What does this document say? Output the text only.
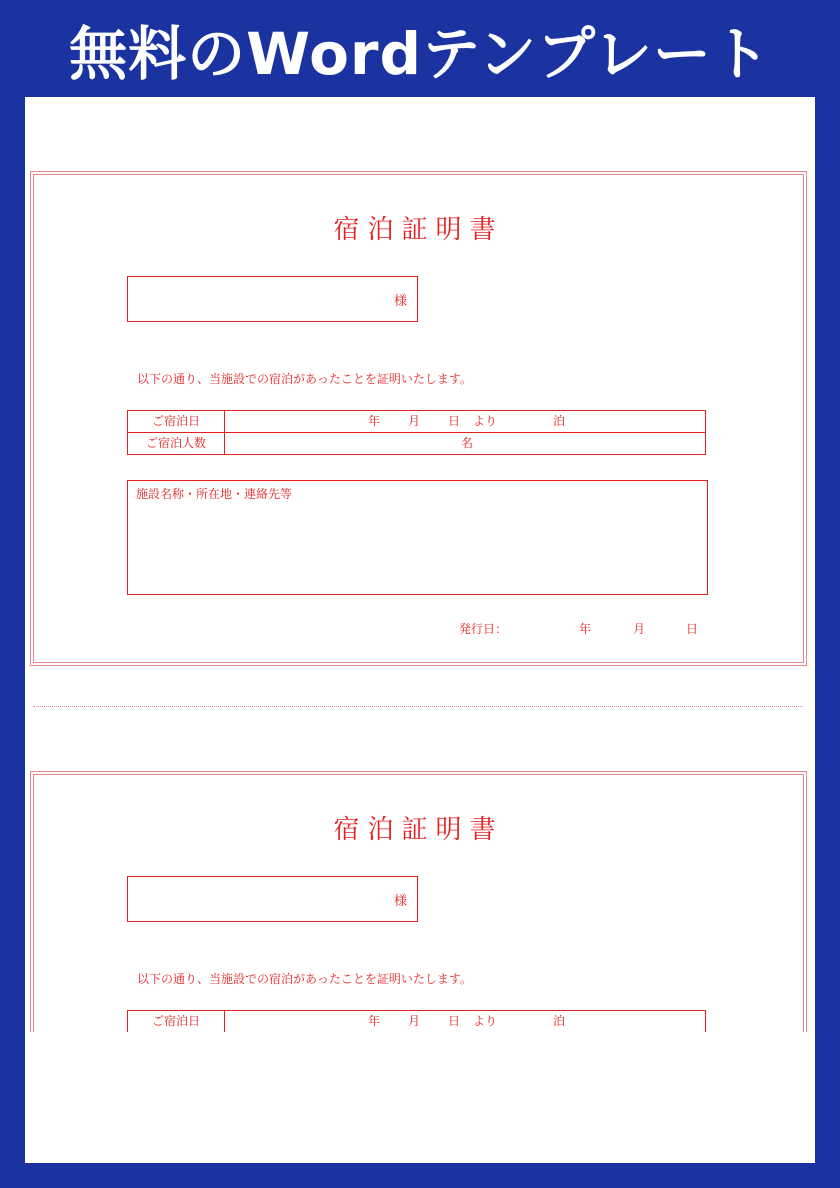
無料のWordテンプレート
宿泊証明書
様
以下の通り、当施設での宿泊があったことを証明いたします。
ご宿泊日	年 月 日 より 泊

ご宿泊人数	名
施設名称・所在地・連絡先等
発行日：	年	月	日
宿泊証明書
様
以下の通り、当施設での宿泊があったことを証明いたします。
ご宿泊日	年 月 日 より 泊
